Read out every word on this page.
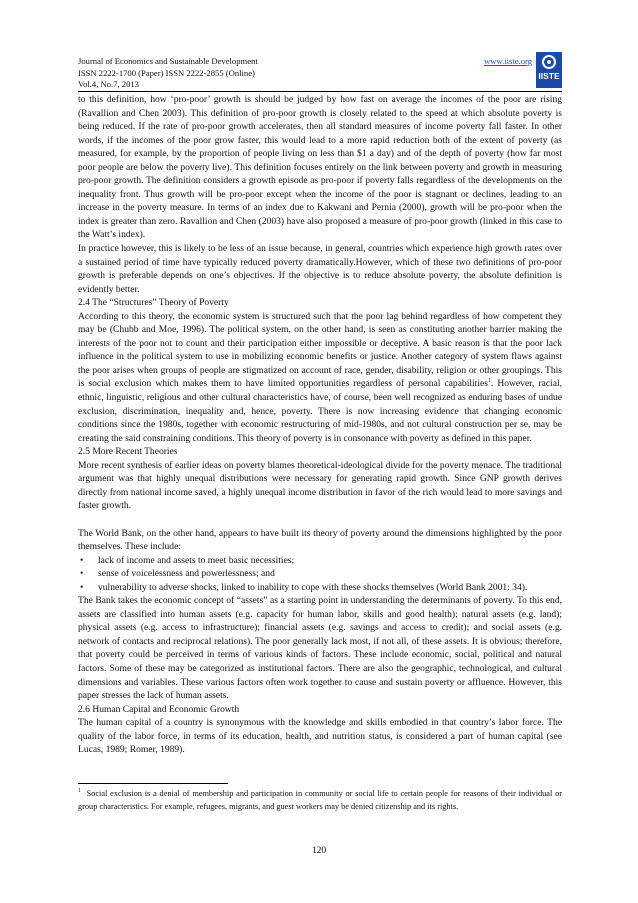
Journal of Economics and Sustainable Development
ISSN 2222-1700 (Paper) ISSN 2222-2855 (Online)
Vol.4, No.7, 2013
www.iiste.org
IISTE

to this definition, how ‘pro-poor’ growth is should be judged by how fast on average the incomes of the poor are rising (Ravallion and Chen 2003). This definition of pro-poor growth is closely related to the speed at which absolute poverty is being reduced. If the rate of pro-poor growth accelerates, then all standard measures of income poverty fall faster. In other words, if the incomes of the poor grow faster, this would lead to a more rapid reduction both of the extent of poverty (as measured, for example, by the proportion of people living on less than $1 a day) and of the depth of poverty (how far most poor people are below the poverty live). This definition focuses entirely on the link between poverty and growth in measuring pro-poor growth. The definition considers a growth episode as pro-poor if poverty falls regardless of the developments on the inequality front. Thus growth will be pro-poor except when the income of the poor is stagnant or declines, leading to an increase in the poverty measure. In terms of an index due to Kakwani and Pernia (2000), growth will be pro-poor when the index is greater than zero. Ravallion and Chen (2003) have also proposed a measure of pro-poor growth (linked in this case to the Watt’s index).

In practice however, this is likely to be less of an issue because, in general, countries which experience high growth rates over a sustained period of time have typically reduced poverty dramatically.However, which of these two definitions of pro-poor growth is preferable depends on one’s objectives. If the objective is to reduce absolute poverty, the absolute definition is evidently better.

2.4 The “Structures” Theory of Poverty

According to this theory, the economic system is structured such that the poor lag behind regardless of how competent they may be (Chubb and Moe, 1996). The political system, on the other hand, is seen as constituting another barrier making the interests of the poor not to count and their participation either impossible or deceptive. A basic reason is that the poor lack influence in the political system to use in mobilizing economic benefits or justice. Another category of system flaws against the poor arises when groups of people are stigmatized on account of race, gender, disability, religion or other groupings. This is social exclusion which makes them to have limited opportunities regardless of personal capabilities$^1$. However, racial, ethnic, linguistic, religious and other cultural characteristics have, of course, been well recognized as enduring bases of undue exclusion, discrimination, inequality and, hence, poverty. There is now increasing evidence that changing economic conditions since the 1980s, together with economic restructuring of mid-1980s, and not cultural construction per se, may be creating the said constraining conditions. This theory of poverty is in consonance with poverty as defined in this paper.

2.5 More Recent Theories

More recent synthesis of earlier ideas on poverty blames theoretical-ideological divide for the poverty menace. The traditional argument was that highly unequal distributions were necessary for generating rapid growth. Since GNP growth derives directly from national income saved, a highly unequal income distribution in favor of the rich would lead to more savings and faster growth.

The World Bank, on the other hand, appears to have built its theory of poverty around the dimensions highlighted by the poor themselves. These include:

• lack of income and assets to meet basic necessities;
• sense of voicelessness and powerlessness; and
• vulnerability to adverse shocks, linked to inability to cope with these shocks themselves (World Bank 2001: 34).

The Bank takes the economic concept of “assets” as a starting point in understanding the determinants of poverty. To this end, assets are classified into human assets (e.g. capacity for human labor, skills and good health); natural assets (e.g. land); physical assets (e.g. access to infrastructure); financial assets (e.g. savings and access to credit); and social assets (e.g. network of contacts and reciprocal relations). The poor generally lack most, if not all, of these assets. It is obvious; therefore, that poverty could be perceived in terms of various kinds of factors. These include economic, social, political and natural factors. Some of these may be categorized as institutional factors. There are also the geographic, technological, and cultural dimensions and variables. These various factors often work together to cause and sustain poverty or affluence. However, this paper stresses the lack of human assets.

2.6 Human Capital and Economic Growth

The human capital of a country is synonymous with the knowledge and skills embodied in that country’s labor force. The quality of the labor force, in terms of its education, health, and nutrition status, is considered a part of human capital (see Lucas, 1989; Romer, 1989).

$^1$ Social exclusion is a denial of membership and participation in community or social life to certain people for reasons of their individual or group characteristics. For example, refugees, migrants, and guest workers may be denied citizenship and its rights.
120
